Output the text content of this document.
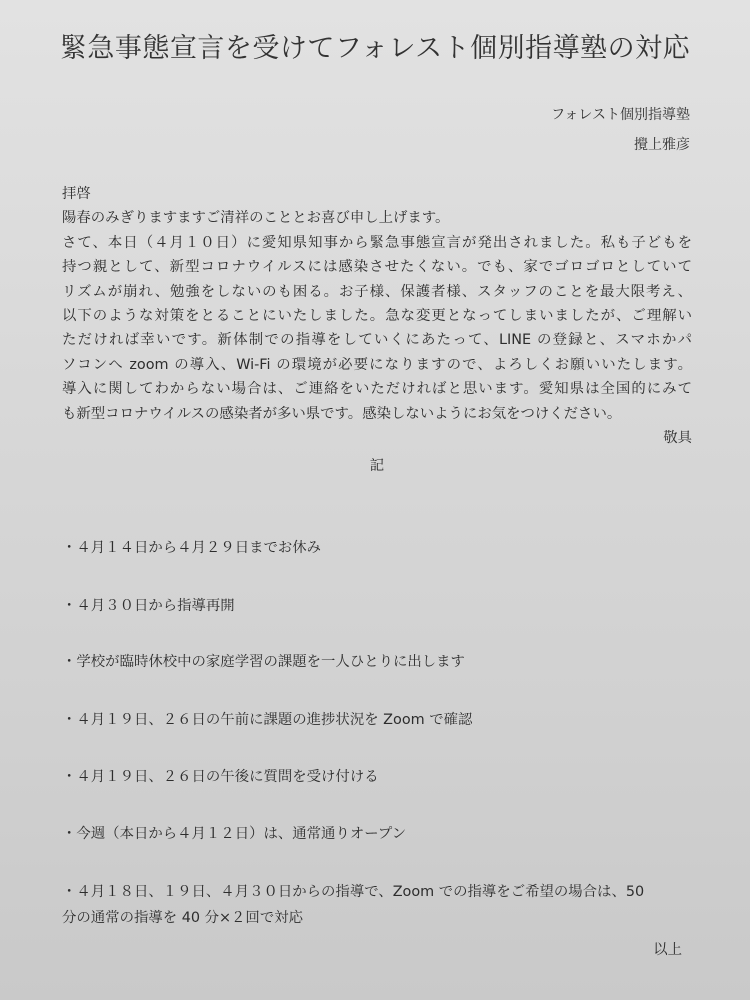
緊急事態宣言を受けてフォレスト個別指導塾の対応
フォレスト個別指導塾
攪上雅彦
拝啓
陽春のみぎりますますご清祥のこととお喜び申し上げます。
さて、本日（４月１０日）に愛知県知事から緊急事態宣言が発出されました。私も子どもを
持つ親として、新型コロナウイルスには感染させたくない。でも、家でゴロゴロとしていて
リズムが崩れ、勉強をしないのも困る。お子様、保護者様、スタッフのことを最大限考え、
以下のような対策をとることにいたしました。急な変更となってしまいましたが、ご理解い
ただければ幸いです。新体制での指導をしていくにあたって、LINE の登録と、スマホかパ
ソコンへ zoom の導入、Wi-Fi の環境が必要になりますので、よろしくお願いいたします。
導入に関してわからない場合は、ご連絡をいただければと思います。愛知県は全国的にみて
も新型コロナウイルスの感染者が多い県です。感染しないようにお気をつけください。
敬具
記
・４月１４日から４月２９日までお休み
・４月３０日から指導再開
・学校が臨時休校中の家庭学習の課題を一人ひとりに出します
・４月１９日、２６日の午前に課題の進捗状況を Zoom で確認
・４月１９日、２６日の午後に質問を受け付ける
・今週（本日から４月１２日）は、通常通りオープン
・４月１８日、１９日、４月３０日からの指導で、Zoom での指導をご希望の場合は、50
分の通常の指導を 40 分×２回で対応
以上
